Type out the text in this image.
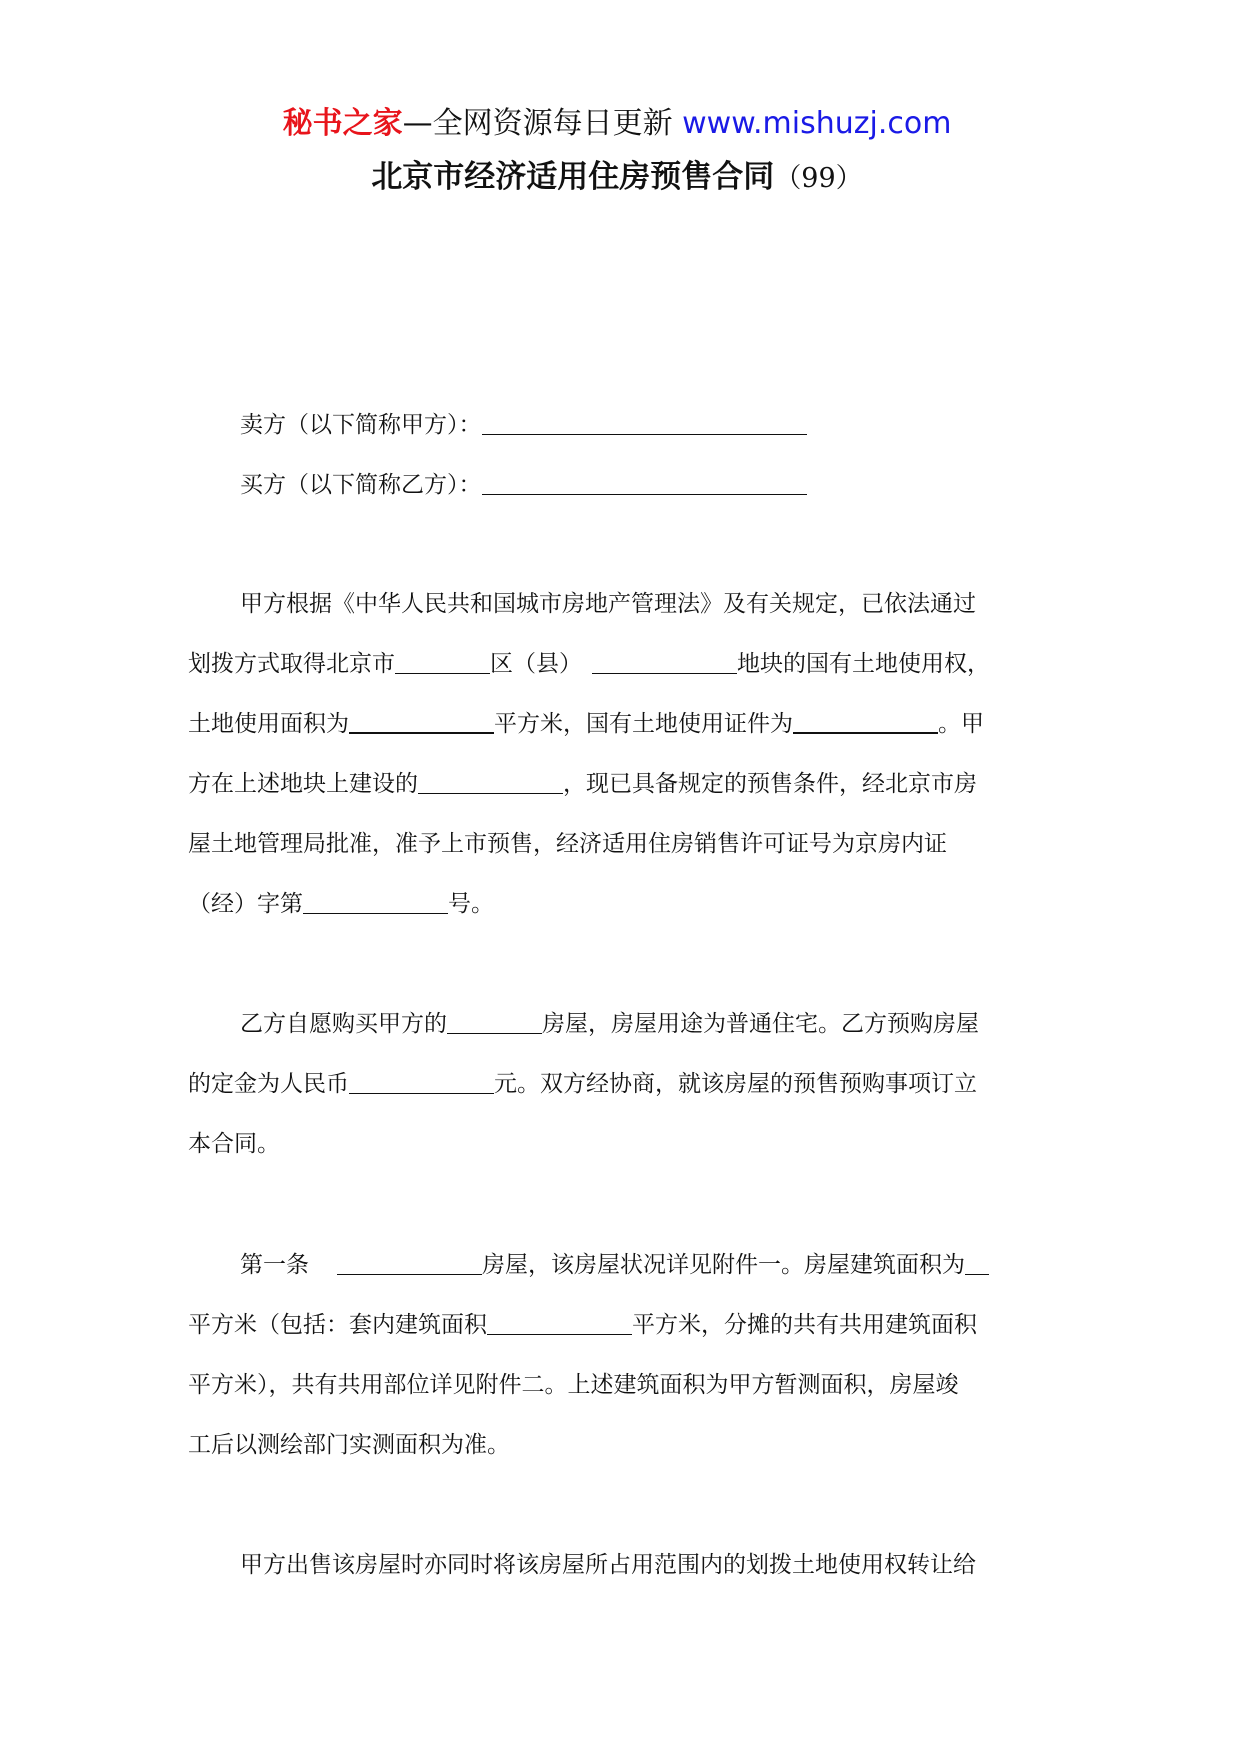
秘书之家—全网资源每日更新 www.mishuzj.com
北京市经济适用住房预售合同（99）
卖方（以下简称甲方）：
买方（以下简称乙方）：
甲方根据《中华人民共和国城市房地产管理法》及有关规定，已依法通过
划拨方式取得北京市	区（县）	地块的国有土地使用权，
土地使用面积为	平方米，国有土地使用证件为	。甲
方在上述地块上建设的	，现已具备规定的预售条件，经北京市房
屋土地管理局批准，准予上市预售，经济适用住房销售许可证号为京房内证
（经）字第	号。
乙方自愿购买甲方的	房屋，房屋用途为普通住宅。乙方预购房屋
的定金为人民币	元。双方经协商，就该房屋的预售预购事项订立
本合同。
第一条	房屋，该房屋状况详见附件一。房屋建筑面积为
平方米（包括：套内建筑面积	平方米，分摊的共有共用建筑面积
平方米），共有共用部位详见附件二。上述建筑面积为甲方暂测面积，房屋竣
工后以测绘部门实测面积为准。
甲方出售该房屋时亦同时将该房屋所占用范围内的划拨土地使用权转让给
